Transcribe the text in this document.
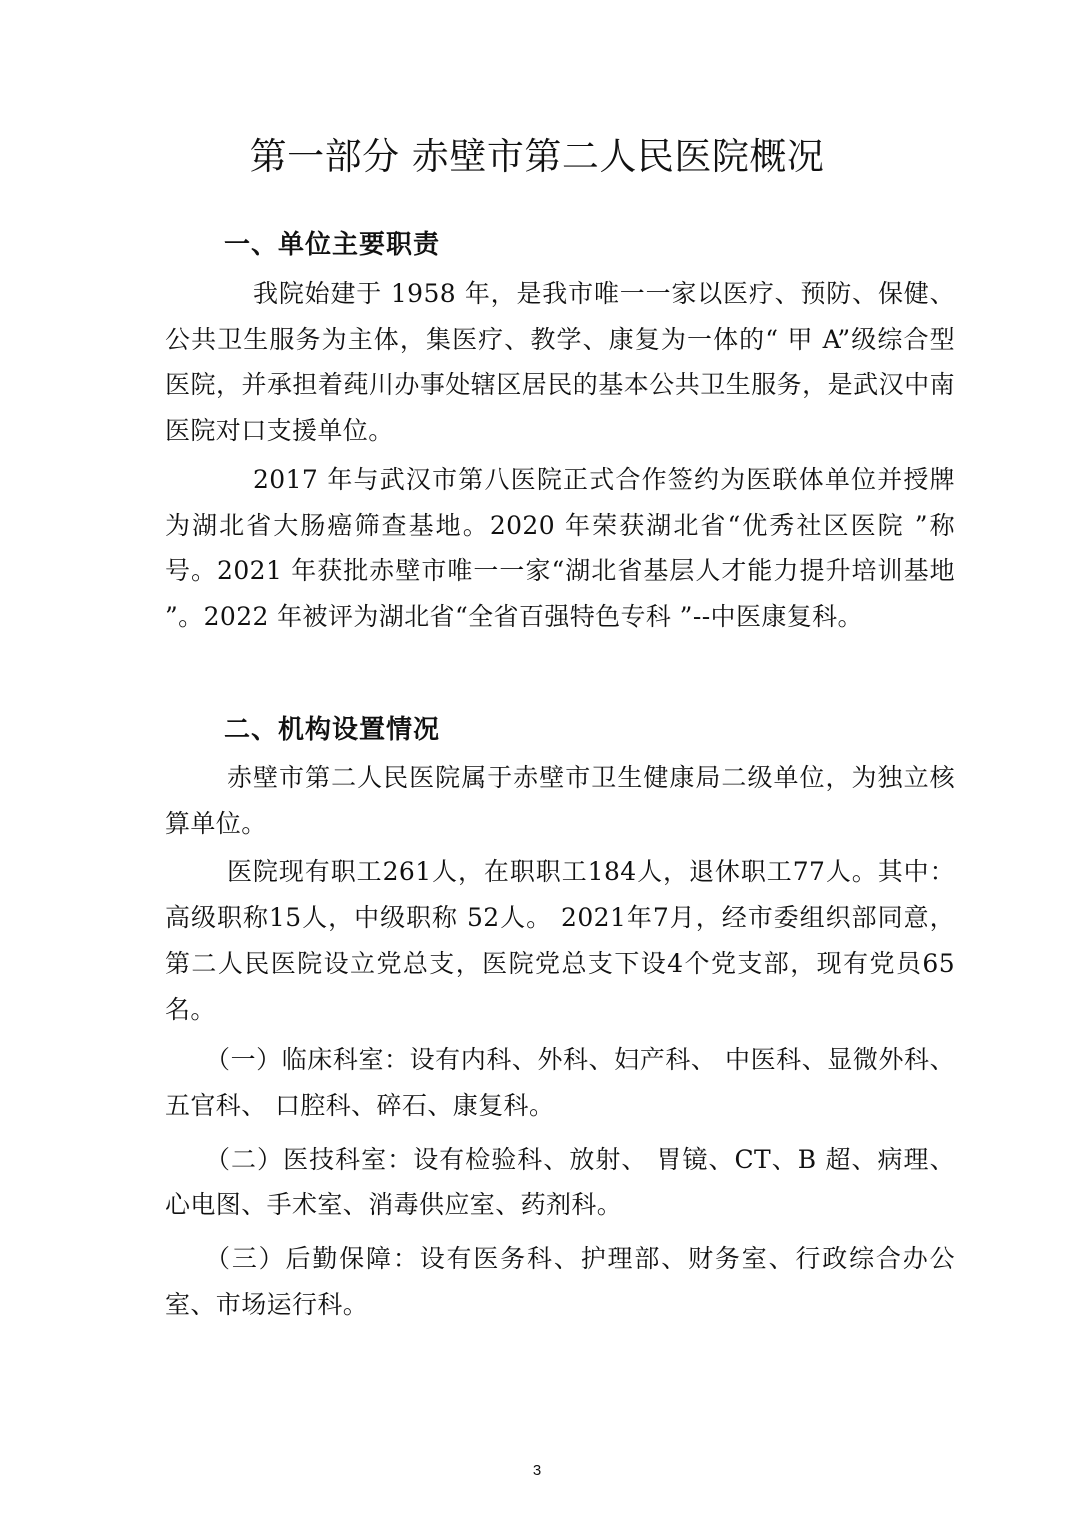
第一部分 赤壁市第二人民医院概况
一、单位主要职责

我院始建于 1958 年，是我市唯一一家以医疗、预防、保健、公共卫生服务为主体，集医疗、教学、康复为一体的“ 甲 A”级综合型医院，并承担着莼川办事处辖区居民的基本公共卫生服务，是武汉中南医院对口支援单位。

2017 年与武汉市第八医院正式合作签约为医联体单位并授牌为湖北省大肠癌筛查基地。2020 年荣获湖北省“优秀社区医院 ”称号。2021 年获批赤壁市唯一一家“湖北省基层人才能力提升培训基地 ”。2022 年被评为湖北省“全省百强特色专科 ”--中医康复科。

二、机构设置情况

赤壁市第二人民医院属于赤壁市卫生健康局二级单位，为独立核算单位。

医院现有职工261人，在职职工184人，退休职工77人。其中：高级职称15人，中级职称 52人。 2021年7月，经市委组织部同意，第二人民医院设立党总支，医院党总支下设4个党支部，现有党员65名。

（一）临床科室：设有内科、外科、妇产科、 中医科、显微外科、五官科、 口腔科、碎石、康复科。

（二）医技科室：设有检验科、放射、 胃镜、CT、B 超、病理、心电图、手术室、消毒供应室、药剂科。

（三）后勤保障：设有医务科、护理部、财务室、行政综合办公室、市场运行科。

3
